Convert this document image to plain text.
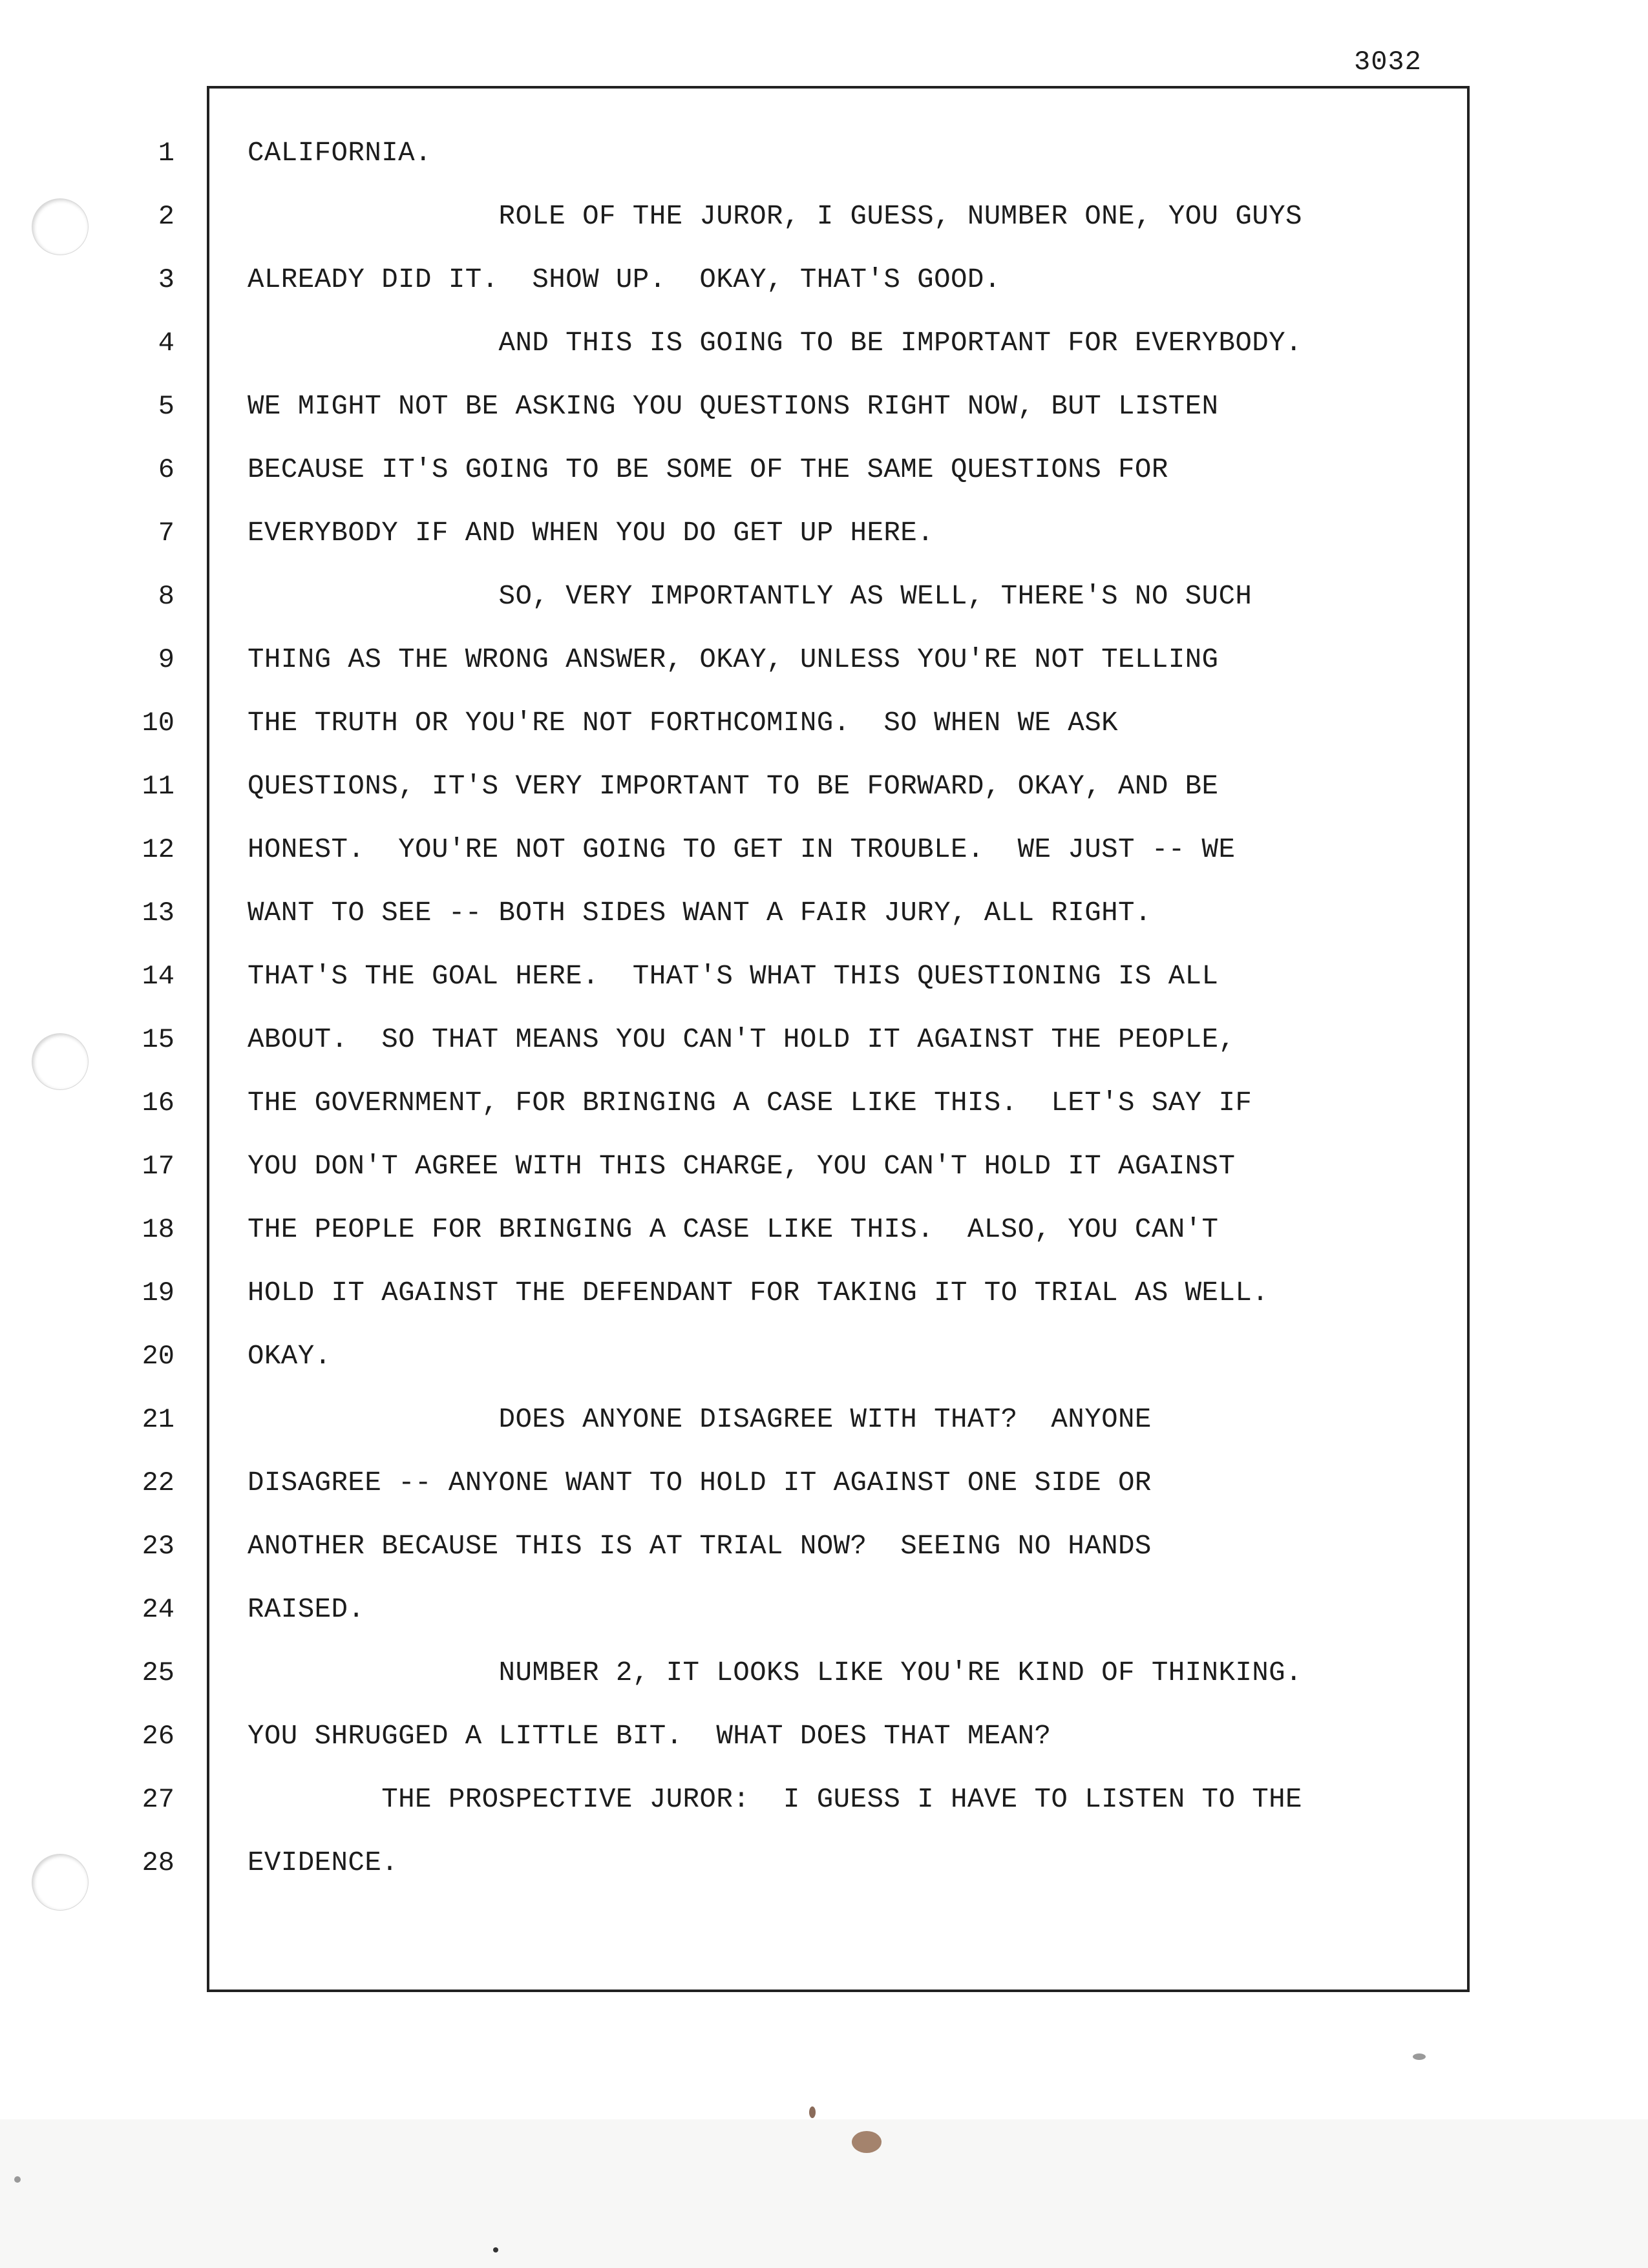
3032
1	CALIFORNIA.
2	ROLE OF THE JUROR, I GUESS, NUMBER ONE, YOU GUYS
3	ALREADY DID IT.  SHOW UP.  OKAY, THAT'S GOOD.
4	AND THIS IS GOING TO BE IMPORTANT FOR EVERYBODY.
5	WE MIGHT NOT BE ASKING YOU QUESTIONS RIGHT NOW, BUT LISTEN
6	BECAUSE IT'S GOING TO BE SOME OF THE SAME QUESTIONS FOR
7	EVERYBODY IF AND WHEN YOU DO GET UP HERE.
8	SO, VERY IMPORTANTLY AS WELL, THERE'S NO SUCH
9	THING AS THE WRONG ANSWER, OKAY, UNLESS YOU'RE NOT TELLING
10	THE TRUTH OR YOU'RE NOT FORTHCOMING.  SO WHEN WE ASK
11	QUESTIONS, IT'S VERY IMPORTANT TO BE FORWARD, OKAY, AND BE
12	HONEST.  YOU'RE NOT GOING TO GET IN TROUBLE.  WE JUST -- WE
13	WANT TO SEE -- BOTH SIDES WANT A FAIR JURY, ALL RIGHT.
14	THAT'S THE GOAL HERE.  THAT'S WHAT THIS QUESTIONING IS ALL
15	ABOUT.  SO THAT MEANS YOU CAN'T HOLD IT AGAINST THE PEOPLE,
16	THE GOVERNMENT, FOR BRINGING A CASE LIKE THIS.  LET'S SAY IF
17	YOU DON'T AGREE WITH THIS CHARGE, YOU CAN'T HOLD IT AGAINST
18	THE PEOPLE FOR BRINGING A CASE LIKE THIS.  ALSO, YOU CAN'T
19	HOLD IT AGAINST THE DEFENDANT FOR TAKING IT TO TRIAL AS WELL.
20	OKAY.
21	DOES ANYONE DISAGREE WITH THAT?  ANYONE
22	DISAGREE -- ANYONE WANT TO HOLD IT AGAINST ONE SIDE OR
23	ANOTHER BECAUSE THIS IS AT TRIAL NOW?  SEEING NO HANDS
24	RAISED.
25	NUMBER 2, IT LOOKS LIKE YOU'RE KIND OF THINKING.
26	YOU SHRUGGED A LITTLE BIT.  WHAT DOES THAT MEAN?
27	THE PROSPECTIVE JUROR:  I GUESS I HAVE TO LISTEN TO THE
28	EVIDENCE.
